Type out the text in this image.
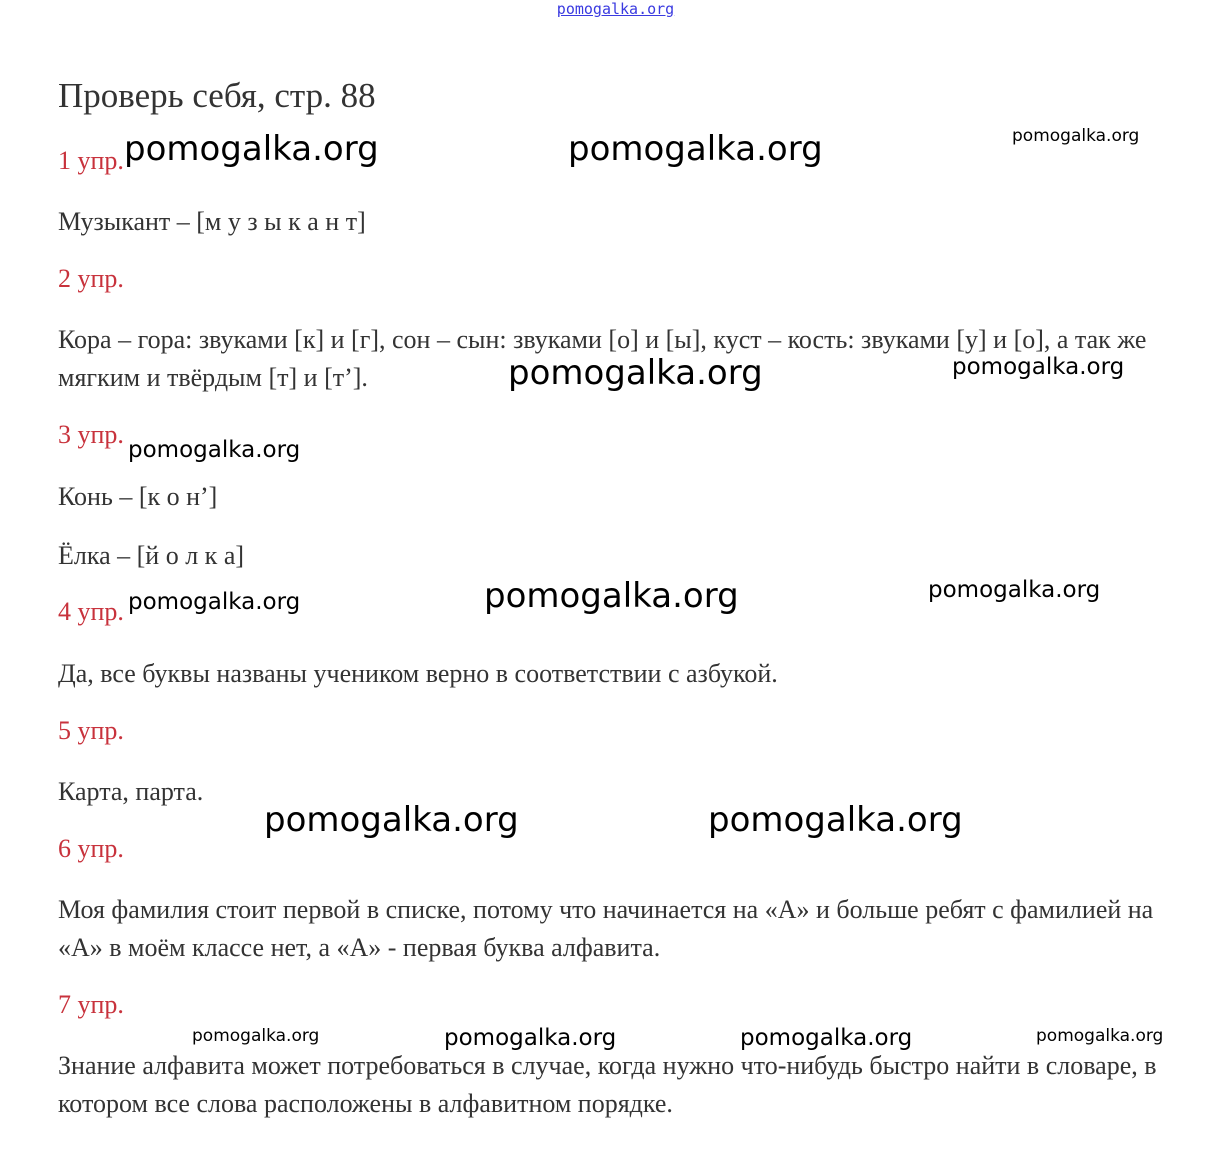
pomogalka.org
Проверь себя, стр. 88
1 упр.
Музыкант – [м у з ы к а н т]
2 упр.
Кора – гора: звуками [к] и [г], сон – сын: звуками [о] и [ы], куст – кость: звуками [у] и [о], а так же мягким и твёрдым [т] и [т’].
3 упр.
Конь – [к о н’]
Ёлка – [й о л к а]
4 упр.
Да, все буквы названы учеником верно в соответствии с азбукой.
5 упр.
Карта, парта.
6 упр.
Моя фамилия стоит первой в списке, потому что начинается на «А» и больше ребят с фамилией на «А» в моём классе нет, а «А» - первая буква алфавита.
7 упр.
Знание алфавита может потребоваться в случае, когда нужно что-нибудь быстро найти в словаре, в котором все слова расположены в алфавитном порядке.
pomogalka.org	pomogalka.org	pomogalka.org
pomogalka.org	pomogalka.org
pomogalka.org
pomogalka.org	pomogalka.org	pomogalka.org
pomogalka.org	pomogalka.org
pomogalka.org	pomogalka.org	pomogalka.org	pomogalka.org
